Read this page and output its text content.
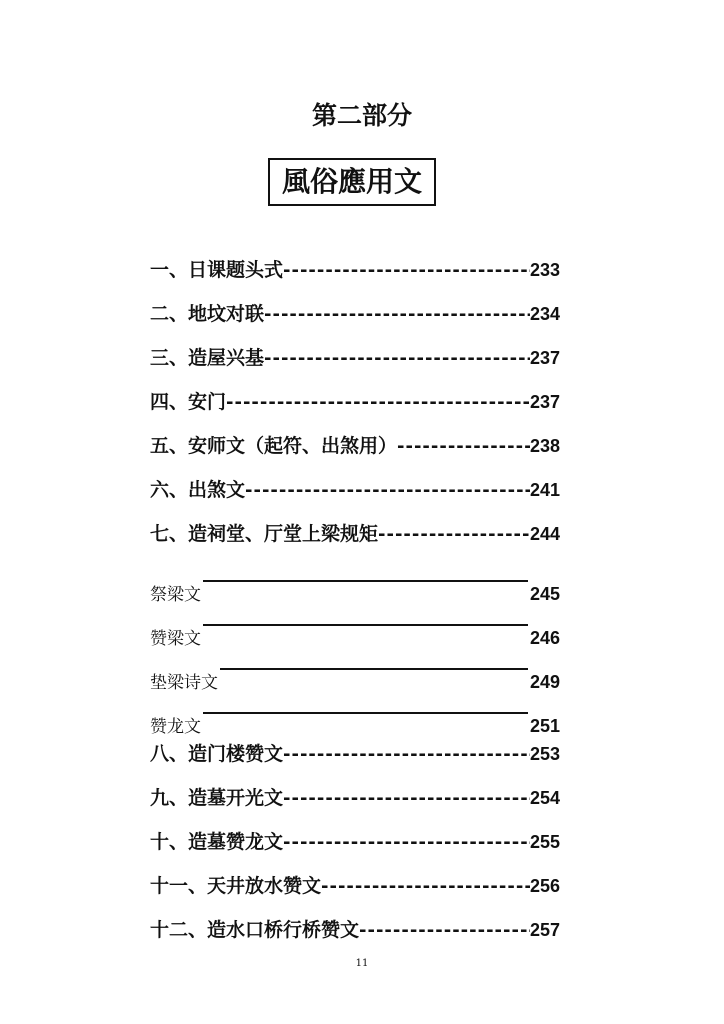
第二部分
風俗應用文
一、日课题头式 -----	233
二、地坟对联 -----	234
三、造屋兴基 -----	237
四、安门 -----	237
五、安师文（起符、出煞用） -----	238
六、出煞文 -----	241
七、造祠堂、厅堂上梁规矩 -----	244
祭梁文	245
赞梁文	246
垫梁诗文	249
赞龙文	251
八、造门楼赞文 -----	253
九、造墓开光文 -----	254
十、造墓赞龙文 -----	255
十一、天井放水赞文 -----	256
十二、造水口桥行桥赞文 -----	257
11
